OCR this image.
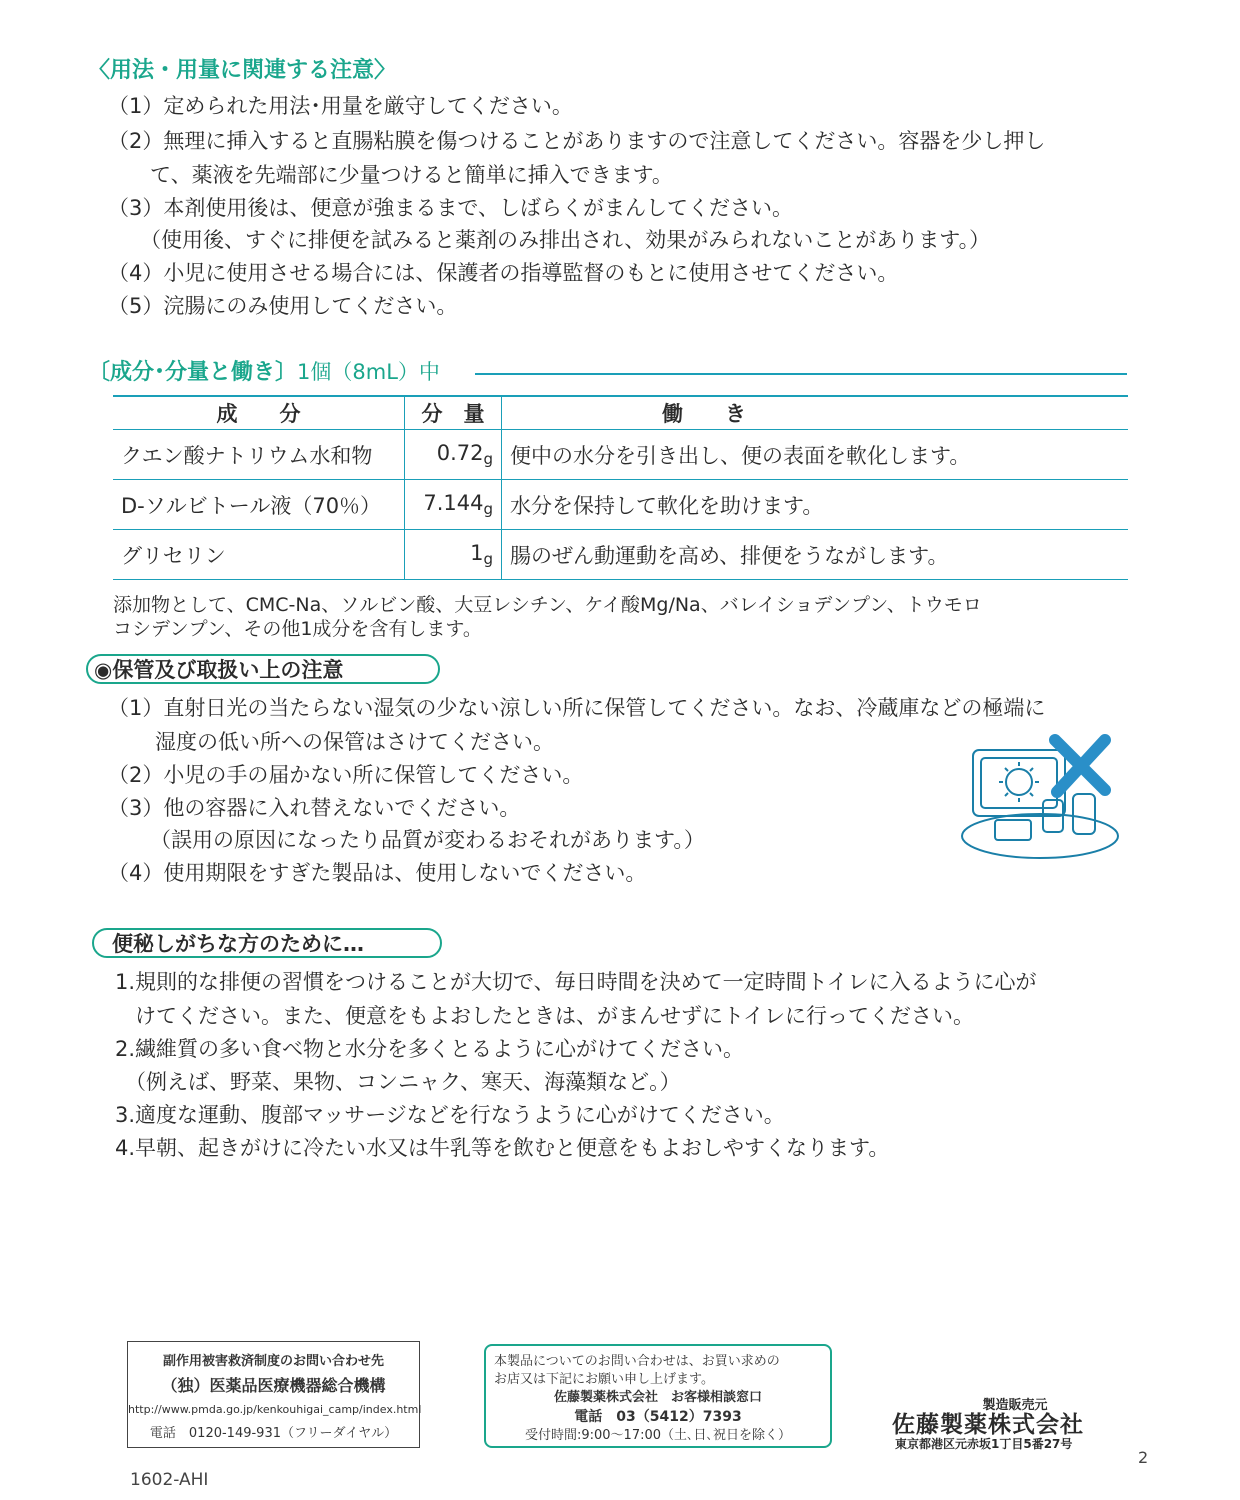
〈用法・用量に関連する注意〉
（1）定められた用法･用量を厳守してください。
（2）無理に挿入すると直腸粘膜を傷つけることがありますので注意してください。容器を少し押し
て、薬液を先端部に少量つけると簡単に挿入できます。
（3）本剤使用後は、便意が強まるまで、しばらくがまんしてください。
（使用後、すぐに排便を試みると薬剤のみ排出され、効果がみられないことがあります。）
（4）小児に使用させる場合には、保護者の指導監督のもとに使用させてください。
（5）浣腸にのみ使用してください。
〔成分･分量と働き〕1個（8mL）中
成　　分	分　量	働　　き
クエン酸ナトリウム水和物	0.72g	便中の水分を引き出し、便の表面を軟化します。
D-ソルビトール液（70％）	7.144g	水分を保持して軟化を助けます。
グリセリン	1g	腸のぜん動運動を高め、排便をうながします。
添加物として、CMC-Na、ソルビン酸、大豆レシチン、ケイ酸Mg/Na、バレイショデンプン、トウモロ
コシデンプン、その他1成分を含有します。
◉保管及び取扱い上の注意
（1）直射日光の当たらない湿気の少ない涼しい所に保管してください。なお、冷蔵庫などの極端に
湿度の低い所への保管はさけてください。
（2）小児の手の届かない所に保管してください。
（3）他の容器に入れ替えないでください。
（誤用の原因になったり品質が変わるおそれがあります。）
（4）使用期限をすぎた製品は、使用しないでください。
便秘しがちな方のために…
1.規則的な排便の習慣をつけることが大切で、毎日時間を決めて一定時間トイレに入るように心が
けてください。また、便意をもよおしたときは、がまんせずにトイレに行ってください。
2.繊維質の多い食べ物と水分を多くとるように心がけてください。
（例えば、野菜、果物、コンニャク、寒天、海藻類など。）
3.適度な運動、腹部マッサージなどを行なうように心がけてください。
4.早朝、起きがけに冷たい水又は牛乳等を飲むと便意をもよおしやすくなります。
副作用被害救済制度のお問い合わせ先
（独）医薬品医療機器総合機構
http://www.pmda.go.jp/kenkouhigai_camp/index.html
電話　0120-149-931（フリーダイヤル）
本製品についてのお問い合わせは、お買い求めの
お店又は下記にお願い申し上げます。
佐藤製薬株式会社　お客様相談窓口
電話　03（5412）7393
受付時間:9:00〜17:00（土､日､祝日を除く）
製造販売元
佐藤製薬株式会社
東京都港区元赤坂1丁目5番27号
2
1602-AHI
